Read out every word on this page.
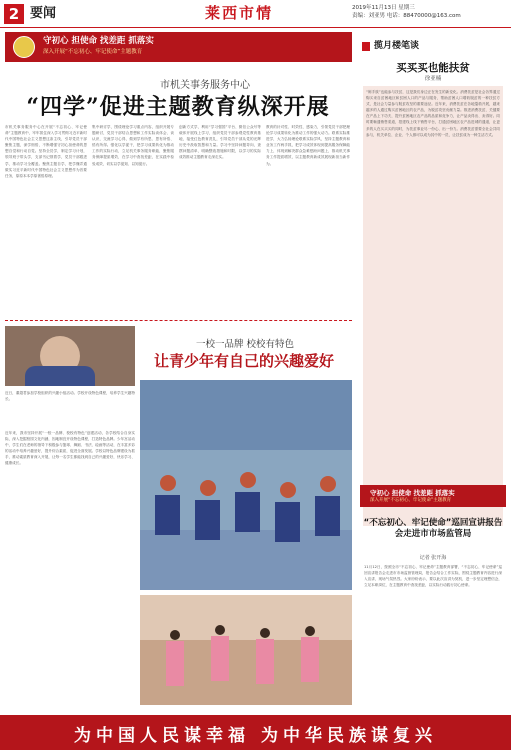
2 要闻	莱西市情	2019年11月13日 星期三
责编：刘亚男 电话：88470000@163.com
守初心 担使命 找差距 抓落实
深入开展“不忘初心、牢记使命”主题教育
市机关事务服务中心
“四学”促进主题教育纵深开展
市机关事务服务中心在开展“不忘初心、牢记使命”主题教育中，牢牢抓住深入学习贯彻习近平新时代中国特色社会主义思想这条主线，引导党员干部聚焦主题，深学细悟，不断增强守初心担使命的思想自觉和行动自觉。坚持全员学，制定学习计划，领导班子带头学，支部书记领着学，党员干部跟进学，推动学习全覆盖。聚焦主题自学，把学懂弄通做实习近平新时代中国特色社会主义思想作为首要任务，原原本本学原著悟原理。
集中研讨学，围绕理论学习重点内容，组织开展专题研讨，党员干部结合思想和工作实际谈体会、谈认识，交流学习心得，做到学有所思、思有所悟、悟有所得。强化以学促干，把学习成果转化为推动工作的实际行动，立足机关事务服务职能，聚焦服务保障提质增效，在学习中查找差距，在实践中检验成效，切实以学促知、以知促行。
创新方式学，利用“学习强国”平台、微信公众号等载体开展线上学习，组织党员干部参观党性教育基地，接受红色教育洗礼，引导党员干部从党的光辉历史中汲取智慧和力量。学习中坚持问题导向，查摆问题清单，明确整改措施和时限，以学习的实际成效推动主题教育走深走实。
教育的针对性、时效性、感染力，引领党员干部把理论学习成果转化为推动工作的强大动力。联系实际推进学，大力弘扬理论联系实际学风，坚持主题教育和业务工作两手抓，把学习成效体现到提高服务保障能力上，体现到解决群众急难愁盼问题上，推动机关事务工作提质增效，以主题教育新成效展现新担当新作为。
近日，董超君参加学校组织的兴趣小组活动。学校开设特色课程，培养学生兴趣特长。
近年来，我市坚持开展“一校一品牌、校校有特色”创建活动，各学校结合自身实际，深入挖掘校园文化内涵，因地制宜开设特色课程，打造特色品牌。少年宫活动中，学生们在老师的指导下积极参与篮球、舞蹈、书法、绘画等活动，在丰富多彩的活动中培养兴趣爱好，提升综合素质，促进全面发展。学校以特色品牌建设为抓手，推动素质教育深入开展，让每一名学生都能找到自己的兴趣爱好，快乐学习、健康成长。
一校一品牌 校校有特色
让青少年有自己的兴趣爱好
揽月楼笔谈
买买买也能扶贫
徐亚楠
“剁手族”也能参与扶贫，这是我们身边正在发生的新变化。消费扶贫是社会各界通过购买来自贫困地区和贫困人口的产品与服务，帮助贫困人口增收脱贫的一种扶贫方式，是社会力量参与脱贫攻坚的重要途径。近年来，消费扶贫在各地蓬勃开展，越来越多的人通过购买贫困地区的农产品，为脱贫攻坚贡献力量。推进消费扶贫，关键要在产品上下功夫，提升贫困地区农产品的品质和竞争力，让产品卖得出、卖得好。同时要畅通销售渠道，搭建线上线下销售平台，打通贫困地区农产品进城的通道，让更多的人在买买买的同时，为扶贫事业尽一份心、出一份力。消费扶贫需要全社会共同参与，机关单位、企业、个人都可以成为其中的一员，让扶贫成为一种生活方式。
守初心 担使命 找差距 抓落实
深入开展“不忘初心、牢记使命”主题教育
“不忘初心、牢记使命”巡回宣讲报告会走进市市场监管局
记者 张开海
11月12日，按照全市“不忘初心、牢记使命”主题教育部署，“不忘初心、牢记使命”巡回宣讲报告会走进市市场监督管理局，报告会结合工作实际，围绕主题教育内容进行深入宣讲，现场气氛热烈。大家纷纷表示，要以此次宣讲为契机，进一步坚定理想信念，立足本职岗位，在主题教育中查找差距，以实际行动践行初心使命。
为中国人民谋幸福 为中华民族谋复兴
